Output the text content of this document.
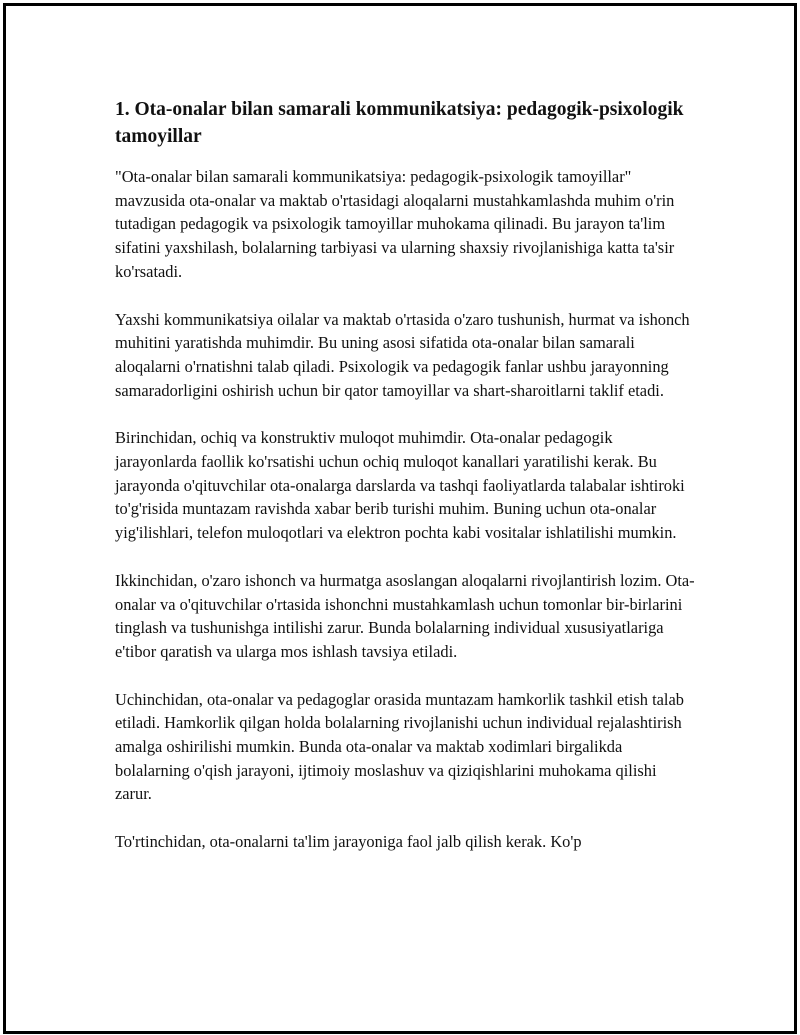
1. Ota-onalar bilan samarali kommunikatsiya: pedagogik-psixologik tamoyillar

"Ota-onalar bilan samarali kommunikatsiya: pedagogik-psixologik tamoyillar" mavzusida ota-onalar va maktab o'rtasidagi aloqalarni mustahkamlashda muhim o'rin tutadigan pedagogik va psixologik tamoyillar muhokama qilinadi. Bu jarayon ta'lim sifatini yaxshilash, bolalarning tarbiyasi va ularning shaxsiy rivojlanishiga katta ta'sir ko'rsatadi.

Yaxshi kommunikatsiya oilalar va maktab o'rtasida o'zaro tushunish, hurmat va ishonch muhitini yaratishda muhimdir. Bu uning asosi sifatida ota-onalar bilan samarali aloqalarni o'rnatishni talab qiladi. Psixologik va pedagogik fanlar ushbu jarayonning samaradorligini oshirish uchun bir qator tamoyillar va shart-sharoitlarni taklif etadi.

Birinchidan, ochiq va konstruktiv muloqot muhimdir. Ota-onalar pedagogik jarayonlarda faollik ko'rsatishi uchun ochiq muloqot kanallari yaratilishi kerak. Bu jarayonda o'qituvchilar ota-onalarga darslarda va tashqi faoliyatlarda talabalar ishtiroki to'g'risida muntazam ravishda xabar berib turishi muhim. Buning uchun ota-onalar yig'ilishlari, telefon muloqotlari va elektron pochta kabi vositalar ishlatilishi mumkin.

Ikkinchidan, o'zaro ishonch va hurmatga asoslangan aloqalarni rivojlantirish lozim. Ota-onalar va o'qituvchilar o'rtasida ishonchni mustahkamlash uchun tomonlar bir-birlarini tinglash va tushunishga intilishi zarur. Bunda bolalarning individual xususiyatlariga e'tibor qaratish va ularga mos ishlash tavsiya etiladi.

Uchinchidan, ota-onalar va pedagoglar orasida muntazam hamkorlik tashkil etish talab etiladi. Hamkorlik qilgan holda bolalarning rivojlanishi uchun individual rejalashtirish amalga oshirilishi mumkin. Bunda ota-onalar va maktab xodimlari birgalikda bolalarning o'qish jarayoni, ijtimoiy moslashuv va qiziqishlarini muhokama qilishi zarur.

To'rtinchidan, ota-onalarni ta'lim jarayoniga faol jalb qilish kerak. Ko'p
